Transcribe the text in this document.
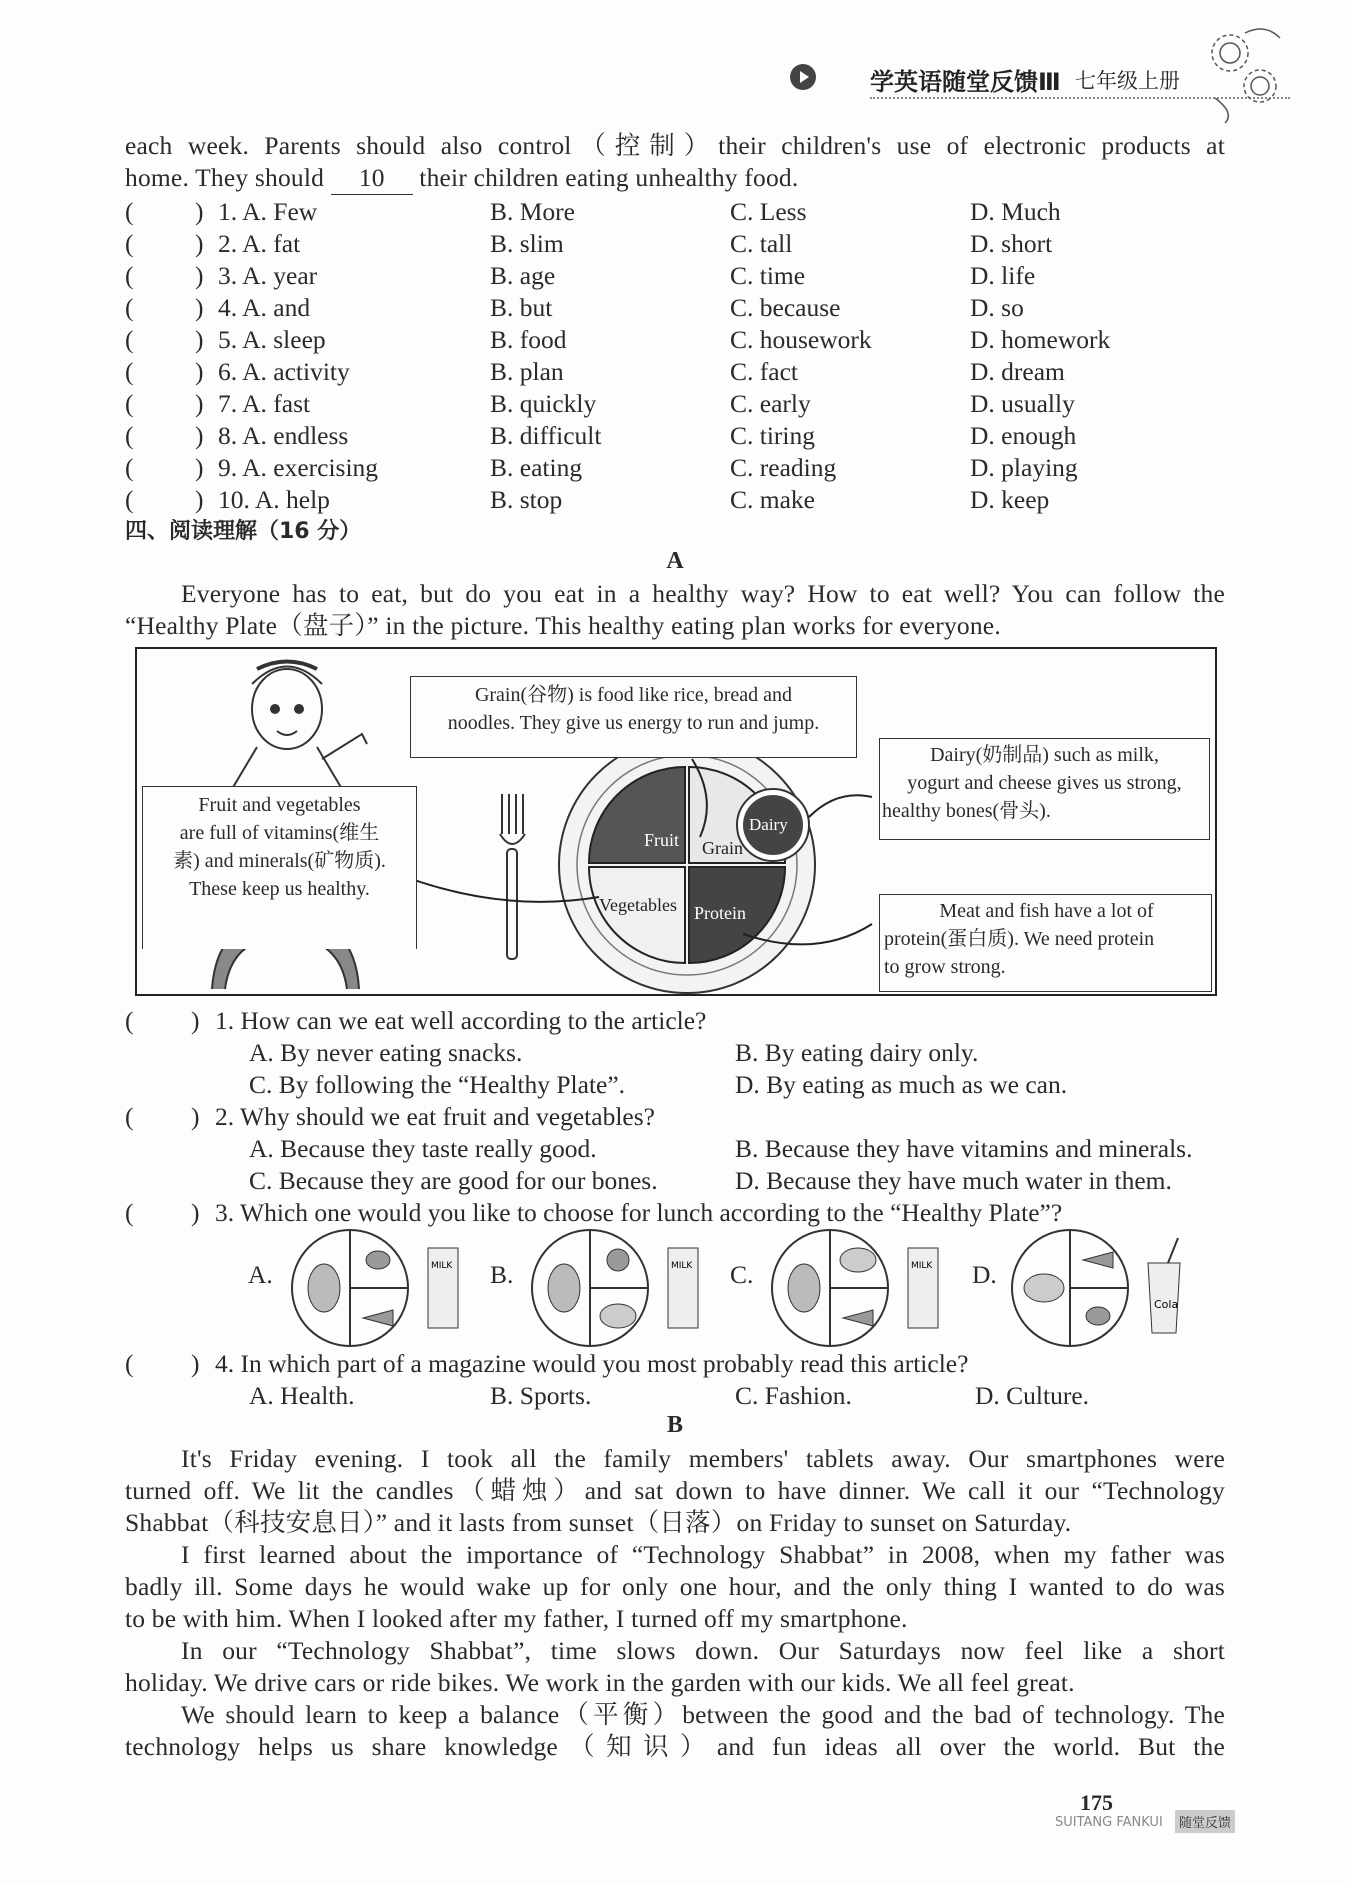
学英语随堂反馈Ⅲ 七年级上册
each week. Parents should also control（控制）their children's use of electronic products at
home. They should 10 their children eating unhealthy food.
( ) 1. A. Few	B. More	C. Less	D. Much
( ) 2. A. fat	B. slim	C. tall	D. short
( ) 3. A. year	B. age	C. time	D. life
( ) 4. A. and	B. but	C. because	D. so
( ) 5. A. sleep	B. food	C. housework	D. homework
( ) 6. A. activity	B. plan	C. fact	D. dream
( ) 7. A. fast	B. quickly	C. early	D. usually
( ) 8. A. endless	B. difficult	C. tiring	D. enough
( ) 9. A. exercising	B. eating	C. reading	D. playing
( ) 10. A. help	B. stop	C. make	D. keep
四、阅读理解（16 分）
A
Everyone has to eat, but do you eat in a healthy way? How to eat well? You can follow the
“Healthy Plate（盘子）” in the picture. This healthy eating plan works for everyone.
Fruit Grain
Vegetables Protein
Dairy
Grain(谷物) is food like rice, bread and
noodles. They give us energy to run and jump.
Dairy(奶制品) such as milk,
yogurt and cheese gives us strong,
healthy bones(骨头).
Fruit and vegetables
are full of vitamins(维生
素) and minerals(矿物质).
These keep us healthy.
Meat and fish have a lot of
protein(蛋白质). We need protein
to grow strong.
( ) 1. How can we eat well according to the article?
A. By never eating snacks.	B. By eating dairy only.
C. By following the “Healthy Plate”.	D. By eating as much as we can.
( ) 2. Why should we eat fruit and vegetables?
A. Because they taste really good.	B. Because they have vitamins and minerals.
C. Because they are good for our bones.	D. Because they have much water in them.
( ) 3. Which one would you like to choose for lunch according to the “Healthy Plate”?
A.	MILK B.	MILK C.	MILK D.
Cola
( ) 4. In which part of a magazine would you most probably read this article?
A. Health.	B. Sports.	C. Fashion.	D. Culture.
B
It's Friday evening. I took all the family members' tablets away. Our smartphones were
turned off. We lit the candles（蜡烛）and sat down to have dinner. We call it our “Technology
Shabbat（科技安息日）” and it lasts from sunset（日落）on Friday to sunset on Saturday.
I first learned about the importance of “Technology Shabbat” in 2008, when my father was
badly ill. Some days he would wake up for only one hour, and the only thing I wanted to do was
to be with him. When I looked after my father, I turned off my smartphone.
In our “Technology Shabbat”, time slows down. Our Saturdays now feel like a short
holiday. We drive cars or ride bikes. We work in the garden with our kids. We all feel great.
We should learn to keep a balance（平衡）between the good and the bad of technology. The
technology helps us share knowledge（知识）and fun ideas all over the world. But the
175
SUITANG FANKUI	随堂反馈
